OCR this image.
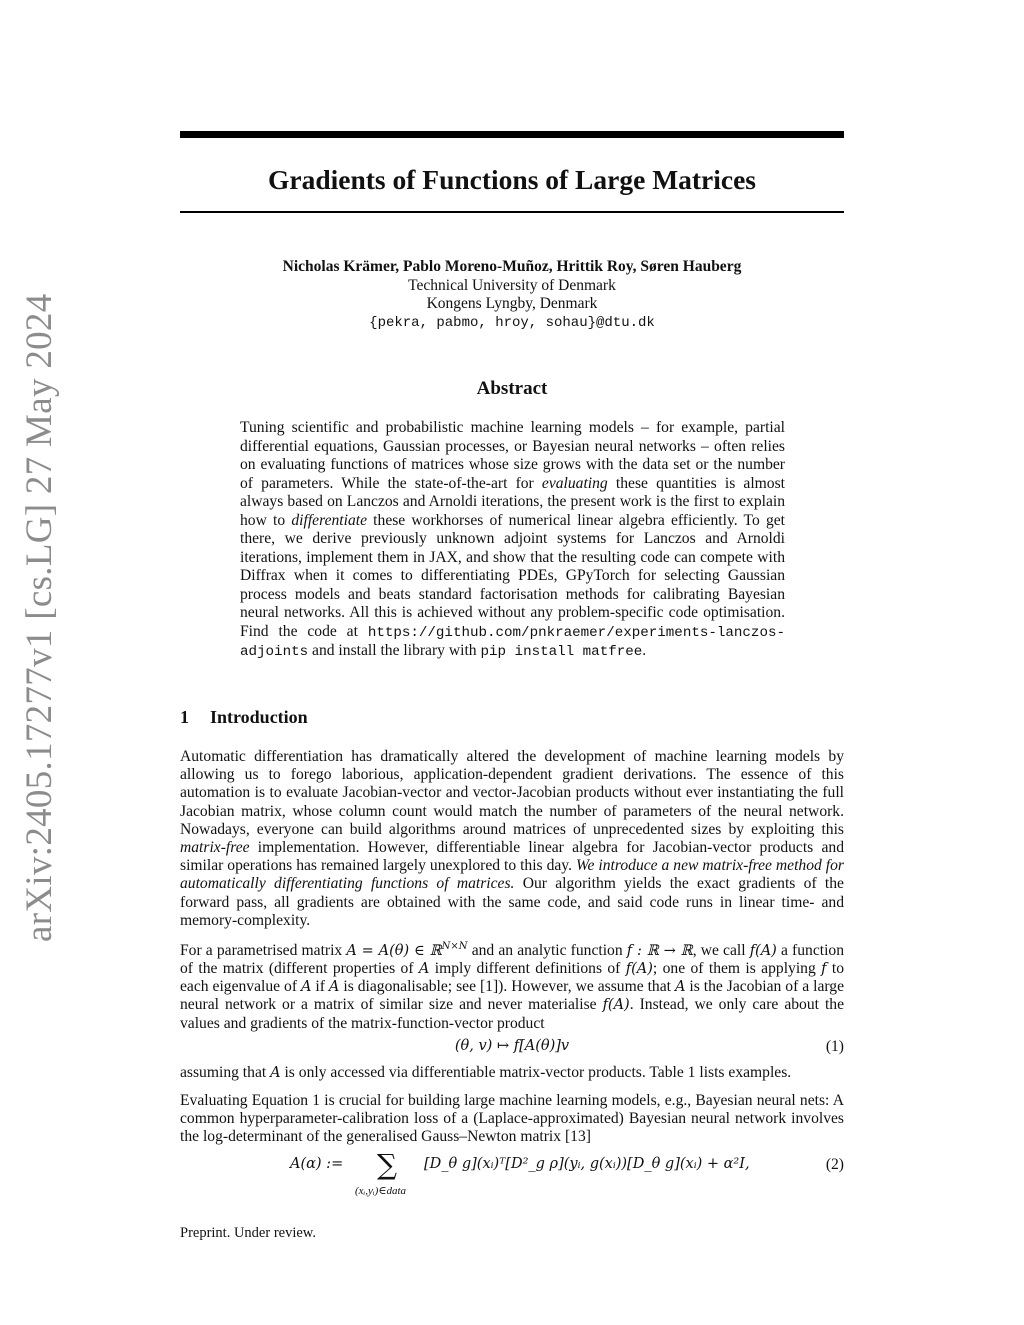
Gradients of Functions of Large Matrices
arXiv:2405.17277v1 [cs.LG] 27 May 2024
Nicholas Krämer, Pablo Moreno-Muñoz, Hrittik Roy, Søren Hauberg
Technical University of Denmark
Kongens Lyngby, Denmark
{pekra, pabmo, hroy, sohau}@dtu.dk
Abstract
Tuning scientific and probabilistic machine learning models – for example, partial differential equations, Gaussian processes, or Bayesian neural networks – often relies on evaluating functions of matrices whose size grows with the data set or the number of parameters. While the state-of-the-art for evaluating these quantities is almost always based on Lanczos and Arnoldi iterations, the present work is the first to explain how to differentiate these workhorses of numerical linear algebra efficiently. To get there, we derive previously unknown adjoint systems for Lanczos and Arnoldi iterations, implement them in JAX, and show that the resulting code can compete with Diffrax when it comes to differentiating PDEs, GPyTorch for selecting Gaussian process models and beats standard factorisation methods for calibrating Bayesian neural networks. All this is achieved without any problem-specific code optimisation. Find the code at https://github.com/pnkraemer/experiments-lanczos-adjoints and install the library with pip install matfree.
1 Introduction

Automatic differentiation has dramatically altered the development of machine learning models by allowing us to forego laborious, application-dependent gradient derivations. The essence of this automation is to evaluate Jacobian-vector and vector-Jacobian products without ever instantiating the full Jacobian matrix, whose column count would match the number of parameters of the neural network. Nowadays, everyone can build algorithms around matrices of unprecedented sizes by exploiting this matrix-free implementation. However, differentiable linear algebra for Jacobian-vector products and similar operations has remained largely unexplored to this day. We introduce a new matrix-free method for automatically differentiating functions of matrices. Our algorithm yields the exact gradients of the forward pass, all gradients are obtained with the same code, and said code runs in linear time- and memory-complexity.

For a parametrised matrix A = A(θ) ∈ ℝ$^{N\times N}$ and an analytic function f : ℝ → ℝ, we call f(A) a function of the matrix (different properties of A imply different definitions of f(A); one of them is applying f to each eigenvalue of A if A is diagonalisable; see [1]). However, we assume that A is the Jacobian of a large neural network or a matrix of similar size and never materialise f(A). Instead, we only care about the values and gradients of the matrix-function-vector product

(θ, v) ↦ f[A(θ)]v	(1)

assuming that A is only accessed via differentiable matrix-vector products. Table 1 lists examples.

Evaluating Equation 1 is crucial for building large machine learning models, e.g., Bayesian neural nets: A common hyperparameter-calibration loss of a (Laplace-approximated) Bayesian neural network involves the log-determinant of the generalised Gauss–Newton matrix [13]

A(α) := ∑
(xᵢ,yᵢ)∈data
[D_θ g](xᵢ)ᵀ[D²_g ρ](yᵢ, g(xᵢ))[D_θ g](xᵢ) + α²I,	(2)
Preprint. Under review.
